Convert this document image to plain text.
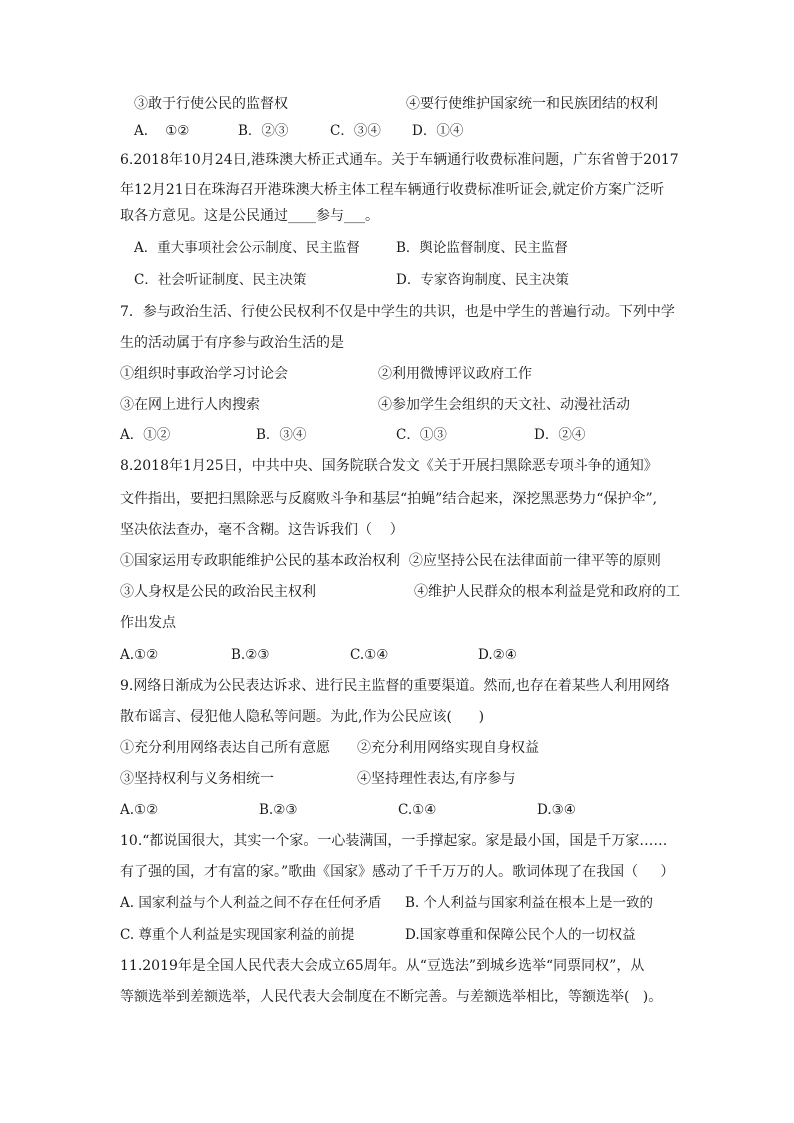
③敢于行使公民的监督权	④要行使维护国家统一和民族团结的权利
A.    ①②	B．②③	C．③④ D．①④
6.2018年10月24日,港珠澳大桥正式通车。关于车辆通行收费标准问题，广东省曾于2017
年12月21日在珠海召开港珠澳大桥主体工程车辆通行收费标准听证会,就定价方案广泛听
取各方意见。这是公民通过____参与___。
A．重大事项社会公示制度、民主监督	B．舆论监督制度、民主监督
C．社会听证制度、民主决策	D．专家咨询制度、民主决策
7．参与政治生活、行使公民权利不仅是中学生的共识，也是中学生的普遍行动。下列中学
生的活动属于有序参与政治生活的是
①组织时事政治学习讨论会	②利用微博评议政府工作
③在网上进行人肉搜索	④参加学生会组织的天文社、动漫社活动
A．①②	B．③④	C．①③	D．②④
8.2018年1月25日，中共中央、国务院联合发文《关于开展扫黑除恶专项斗争的通知》
文件指出，要把扫黑除恶与反腐败斗争和基层“拍蝇”结合起来，深挖黑恶势力“保护伞”,
坚决依法查办，毫不含糊。这告诉我们（    ）
①国家运用专政职能维护公民的基本政治权利  ②应坚持公民在法律面前一律平等的原则
③人身权是公民的政治民主权利	④维护人民群众的根本利益是党和政府的工
作出发点
A.①②	B.②③	C.①④	D.②④
9.网络日渐成为公民表达诉求、进行民主监督的重要渠道。然而,也存在着某些人利用网络
散布谣言、侵犯他人隐私等问题。为此,作为公民应该(      )
①充分利用网络表达自己所有意愿 ②充分利用网络实现自身权益
③坚持权利与义务相统一	④坚持理性表达,有序参与
A.①②	B.②③	C.①④	D.③④
10.“都说国很大，其实一个家。一心装满国，一手撑起家。家是最小国，国是千万家……
有了强的国，才有富的家。”歌曲《国家》感动了千千万万的人。歌词体现了在我国（     ）
A. 国家利益与个人利益之间不存在任何矛盾 B. 个人利益与国家利益在根本上是一致的
C. 尊重个人利益是实现国家利益的前提	D.国家尊重和保障公民个人的一切权益
11.2019年是全国人民代表大会成立65周年。从“豆选法”到城乡选举“同票同权”，从
等额选举到差额选举，人民代表大会制度在不断完善。与差额选举相比，等额选举(   )。
